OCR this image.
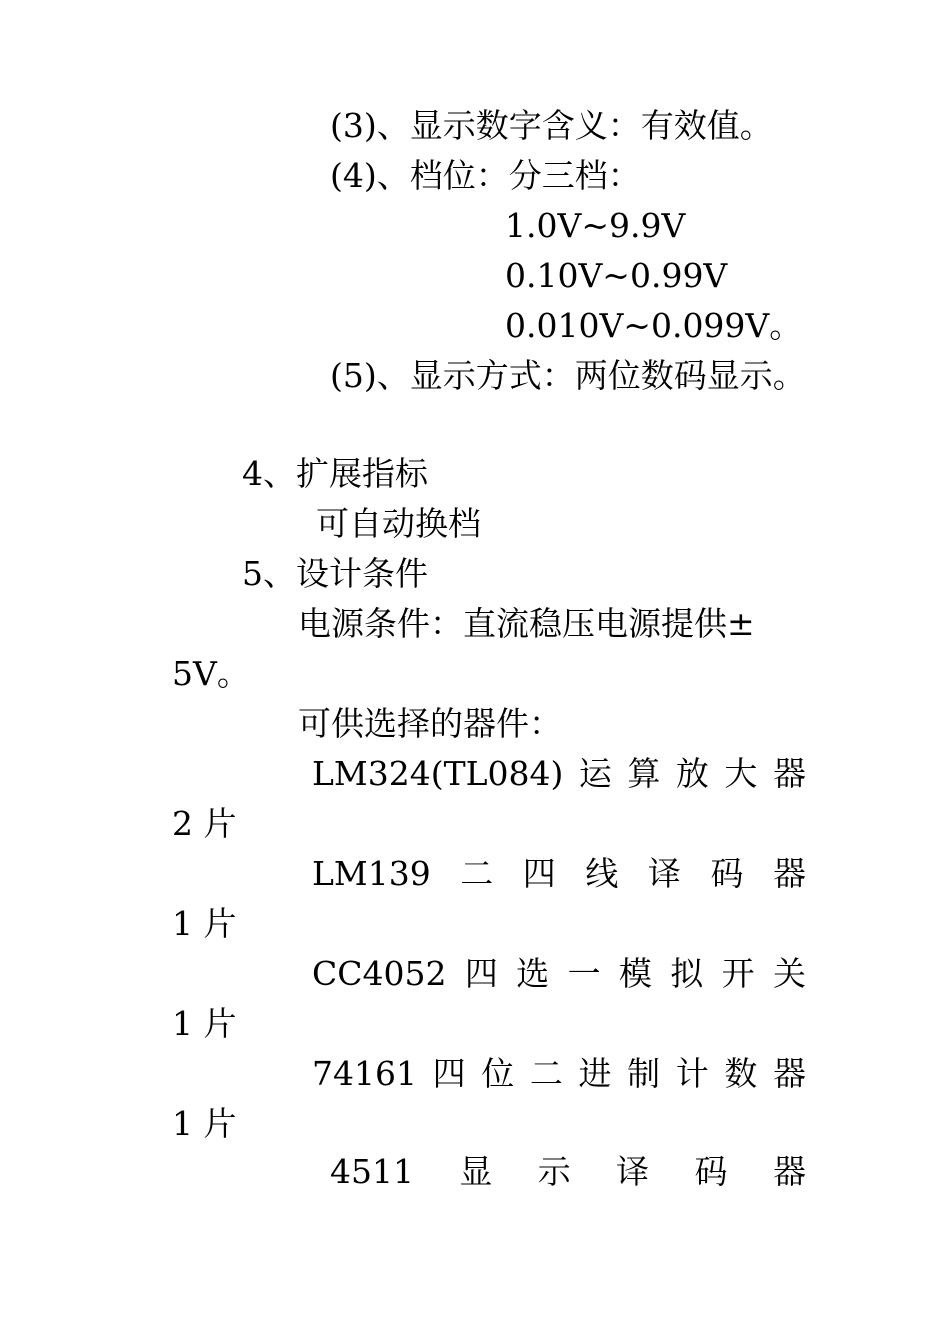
(3)、显示数字含义：有效值。
(4)、档位：分三档：
1.0V~9.9V
0.10V~0.99V
0.010V~0.099V。
(5)、显示方式：两位数码显示。
4、扩展指标
可自动换档
5、设计条件
电源条件：直流稳压电源提供±
5V。
可供选择的器件：
LM324(TL084) 运 算 放 大 器
2 片
LM139 二 四 线 译 码 器
1 片
CC4052 四 选 一 模 拟 开 关
1 片
74161 四 位 二 进 制 计 数 器
1 片
4511 显 示 译 码 器
